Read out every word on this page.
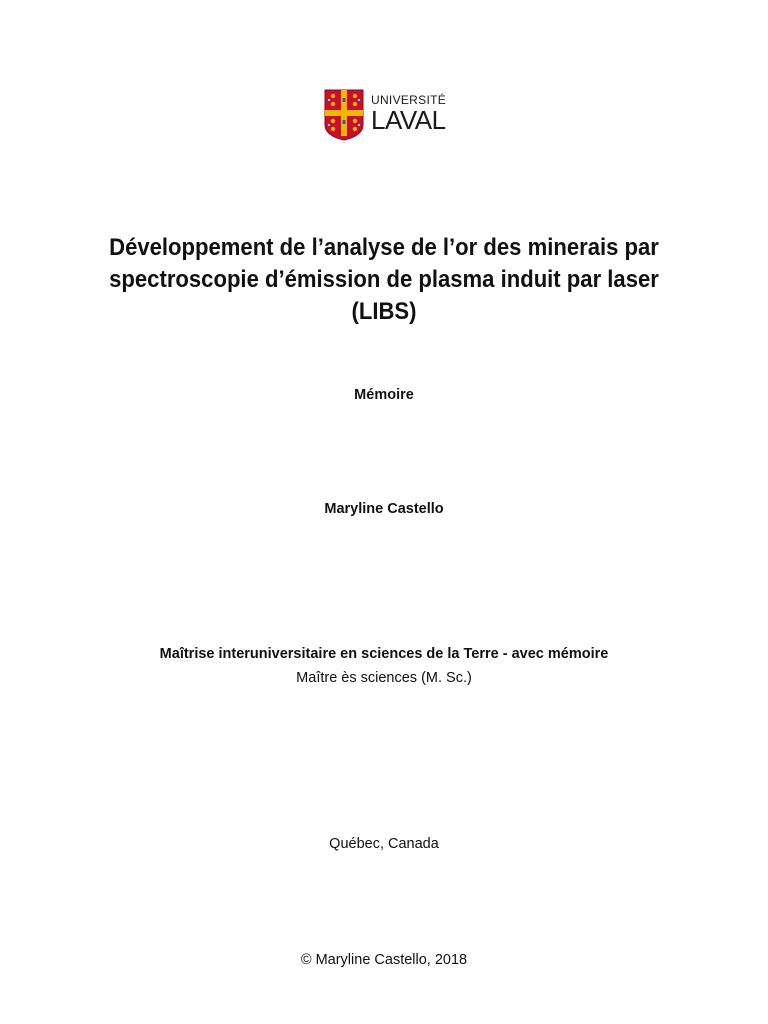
UNIVERSITÉ
LAVAL
Développement de l’analyse de l’or des minerais par
spectroscopie d’émission de plasma induit par laser
(LIBS)
Mémoire
Maryline Castello
Maîtrise interuniversitaire en sciences de la Terre - avec mémoire
Maître ès sciences (M. Sc.)
Québec, Canada
© Maryline Castello, 2018
